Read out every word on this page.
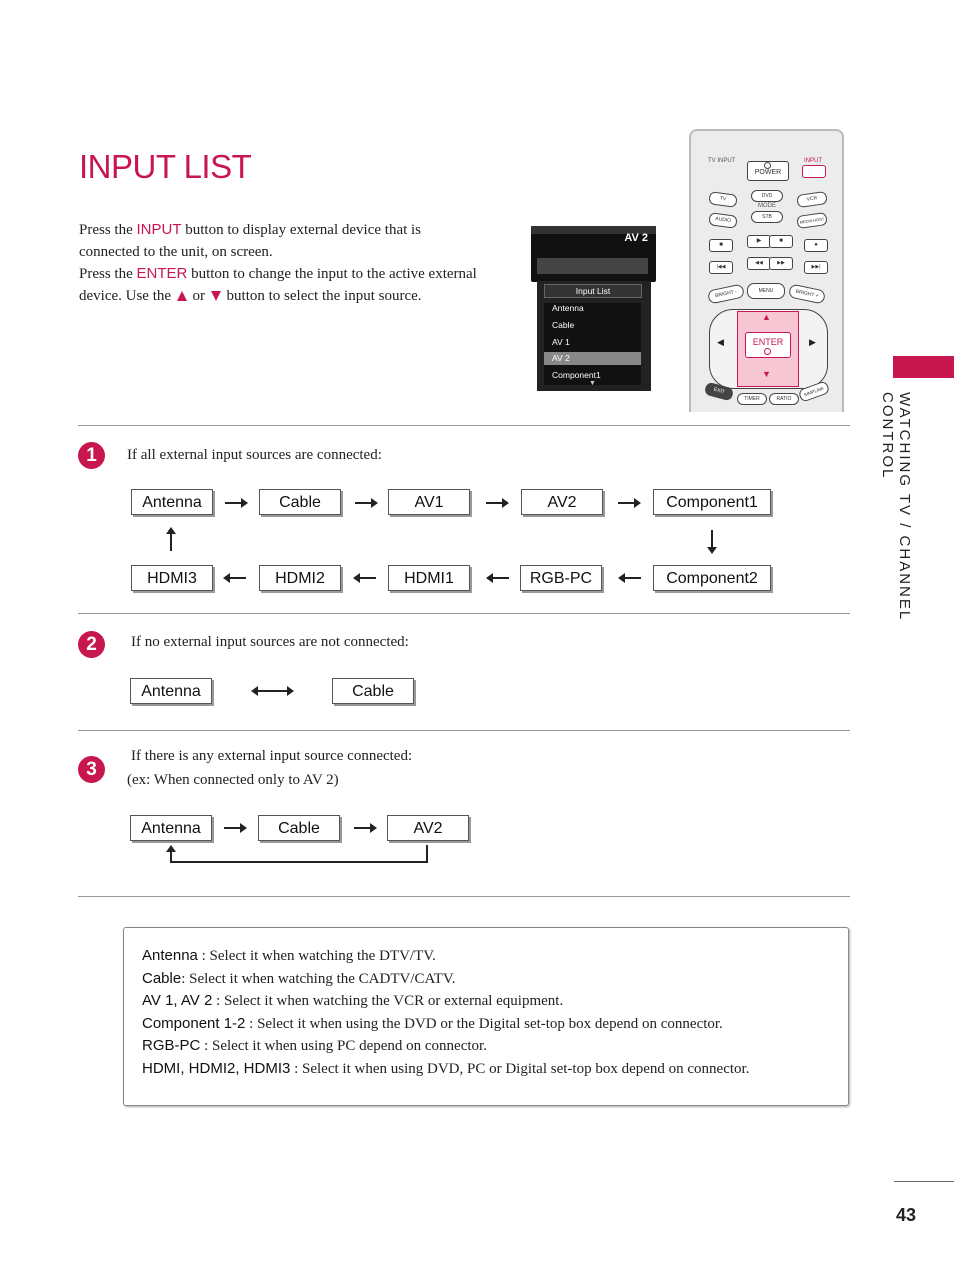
INPUT LIST
Press the INPUT button to display external device that is connected to the unit, on screen.
Press the ENTER button to change the input to the active external device. Use the  or  button to select the input source.
AV 2
Input List
Antenna
Cable
AV 1
AV 2
Component1
▼
TV INPUT
POWER
INPUT
TV	DVD	VCR
MODE
AUDIO	STB	MEDIA HOST
■
▶	■
●
|◀◀
◀◀	▶▶
▶▶|
BRIGHT -	MENU	BRIGHT +
▲
▼
◀	▶
ENTER
EXIT
TIMER	RATIO
SIMPLINK
1	If all external input sources are connected:
Antenna	Cable	AV1	AV2	Component1
HDMI3	HDMI2	HDMI1	RGB-PC	Component2
2	If no external input sources are not connected:
Antenna	Cable
3
If there is any external input source connected:
(ex: When connected only to AV 2)
Antenna	Cable	AV2
Antenna : Select it when watching the DTV/TV.
Cable: Select it when watching the CADTV/CATV.
AV 1, AV 2 : Select it when watching the VCR or external equipment.
Component 1-2 : Select it when using the DVD or the Digital set-top box depend on connector.
RGB-PC : Select it when using PC depend on connector.
HDMI, HDMI2, HDMI3 : Select it when using DVD, PC or Digital set-top box depend on connector.
WATCHING TV / CHANNEL CONTROL
43
